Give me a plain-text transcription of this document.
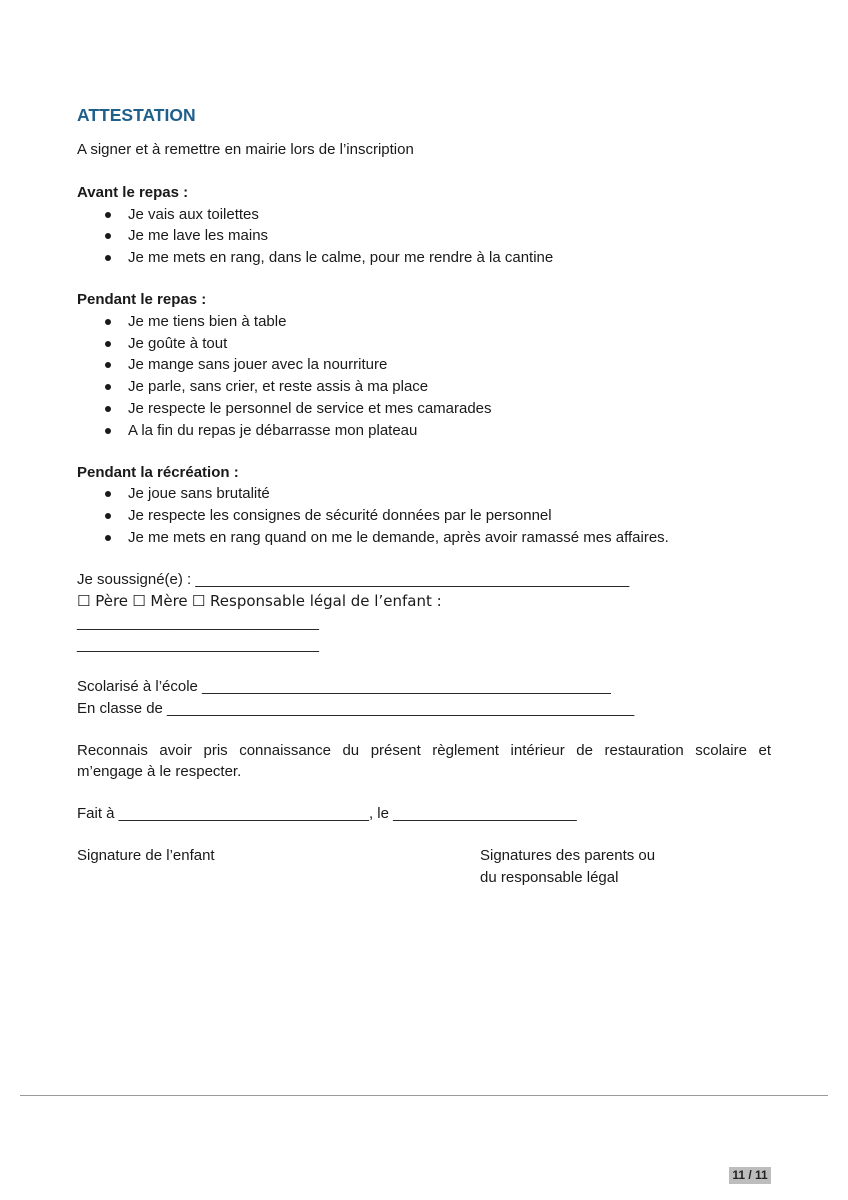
ATTESTATION

A signer et à remettre en mairie lors de l’inscription

Avant le repas :

Je vais aux toilettes
Je me lave les mains
Je me mets en rang, dans le calme, pour me rendre à la cantine

Pendant le repas :

Je me tiens bien à table
Je goûte à tout
Je mange sans jouer avec la nourriture
Je parle, sans crier, et reste assis à ma place
Je respecte le personnel de service et mes camarades
A la fin du repas je débarrasse mon plateau

Pendant la récréation :

Je joue sans brutalité
Je respecte les consignes de sécurité données par le personnel
Je me mets en rang quand on me le demande, après avoir ramassé mes affaires.

Je soussigné(e) : ____________________________________________________

☐ Père ☐ Mère ☐ Responsable légal de l’enfant :

_____________________________

_____________________________

Scolarisé à l’école _________________________________________________

En classe de ________________________________________________________

Reconnais avoir pris connaissance du présent règlement intérieur de restauration scolaire et

m’engage à le respecter.

Fait à ______________________________, le ______________________

Signature de l’enfant	Signatures des parents ou
du responsable légal
11 / 11
